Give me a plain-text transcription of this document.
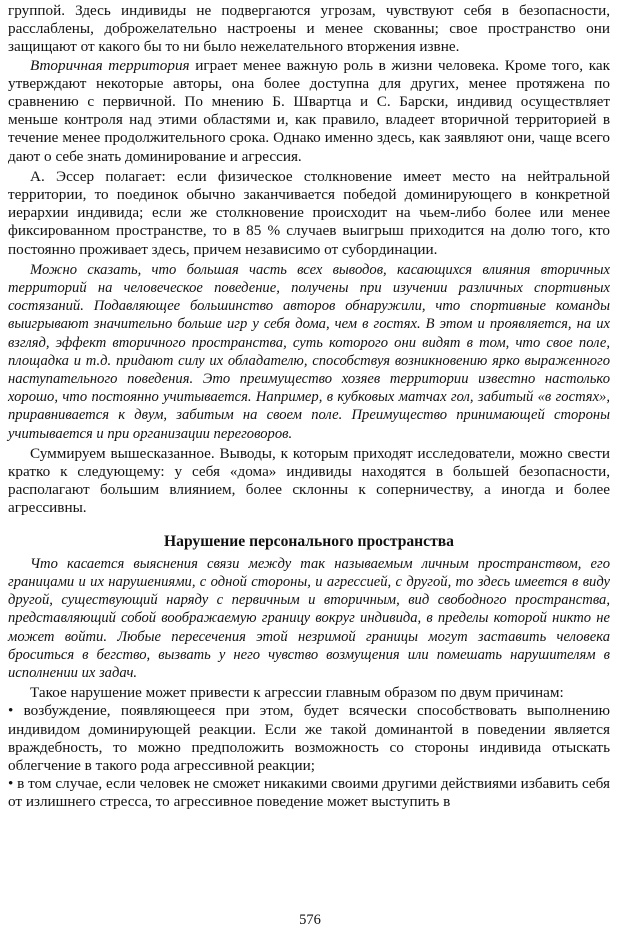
группой. Здесь индивиды не подвергаются угрозам, чувствуют себя в безопасности, расслаблены, доброжелательно настроены и менее скованны; свое пространство они защищают от какого бы то ни было нежелательного вторжения извне.

Вторичная территория играет менее важную роль в жизни человека. Кроме того, как утверждают некоторые авторы, она более доступна для других, менее протяжена по сравнению с первичной. По мнению Б. Швартца и С. Барски, индивид осуществляет меньше контроля над этими областями и, как правило, владеет вторичной территорией в течение менее продолжительного срока. Однако именно здесь, как заявляют они, чаще всего дают о себе знать доминирование и агрессия.

А. Эссер полагает: если физическое столкновение имеет место на нейтральной территории, то поединок обычно заканчивается победой доминирующего в конкретной иерархии индивида; если же столкновение происходит на чьем-либо более или менее фиксированном пространстве, то в 85 % случаев выигрыш приходится на долю того, кто постоянно проживает здесь, причем независимо от субординации.

Можно сказать, что большая часть всех выводов, касающихся влияния вторичных территорий на человеческое поведение, получены при изучении различных спортивных состязаний. Подавляющее большинство авторов обнаружили, что спортивные команды выигрывают значительно больше игр у себя дома, чем в гостях. В этом и проявляется, на их взгляд, эффект вторичного пространства, суть которого они видят в том, что свое поле, площадка и т.д. придают силу их обладателю, способствуя возникновению ярко выраженного наступательного поведения. Это преимущество хозяев территории известно настолько хорошо, что постоянно учитывается. Например, в кубковых матчах гол, забитый «в гостях», приравнивается к двум, забитым на своем поле. Преимущество принимающей стороны учитывается и при организации переговоров.

Суммируем вышесказанное. Выводы, к которым приходят исследователи, можно свести кратко к следующему: у себя «дома» индивиды находятся в большей безопасности, располагают большим влиянием, более склонны к соперничеству, а иногда и более агрессивны.

Нарушение персонального пространства

Что касается выяснения связи между так называемым личным пространством, его границами и их нарушениями, с одной стороны, и агрессией, с другой, то здесь имеется в виду другой, существующий наряду с первичным и вторичным, вид свободного пространства, представляющий собой воображаемую границу вокруг индивида, в пределы которой никто не может войти. Любые пересечения этой незримой границы могут заставить человека броситься в бегство, вызвать у него чувство возмущения или помешать нарушителям в исполнении их задач.

Такое нарушение может привести к агрессии главным образом по двум причинам:

• возбуждение, появляющееся при этом, будет всячески способствовать выполнению индивидом доминирующей реакции. Если же такой доминантой в поведении является враждебность, то можно предположить возможность со стороны индивида отыскать облегчение в такого рода агрессивной реакции;

• в том случае, если человек не сможет никакими своими другими действиями избавить себя от излишнего стресса, то агрессивное поведение может выступить в

576
